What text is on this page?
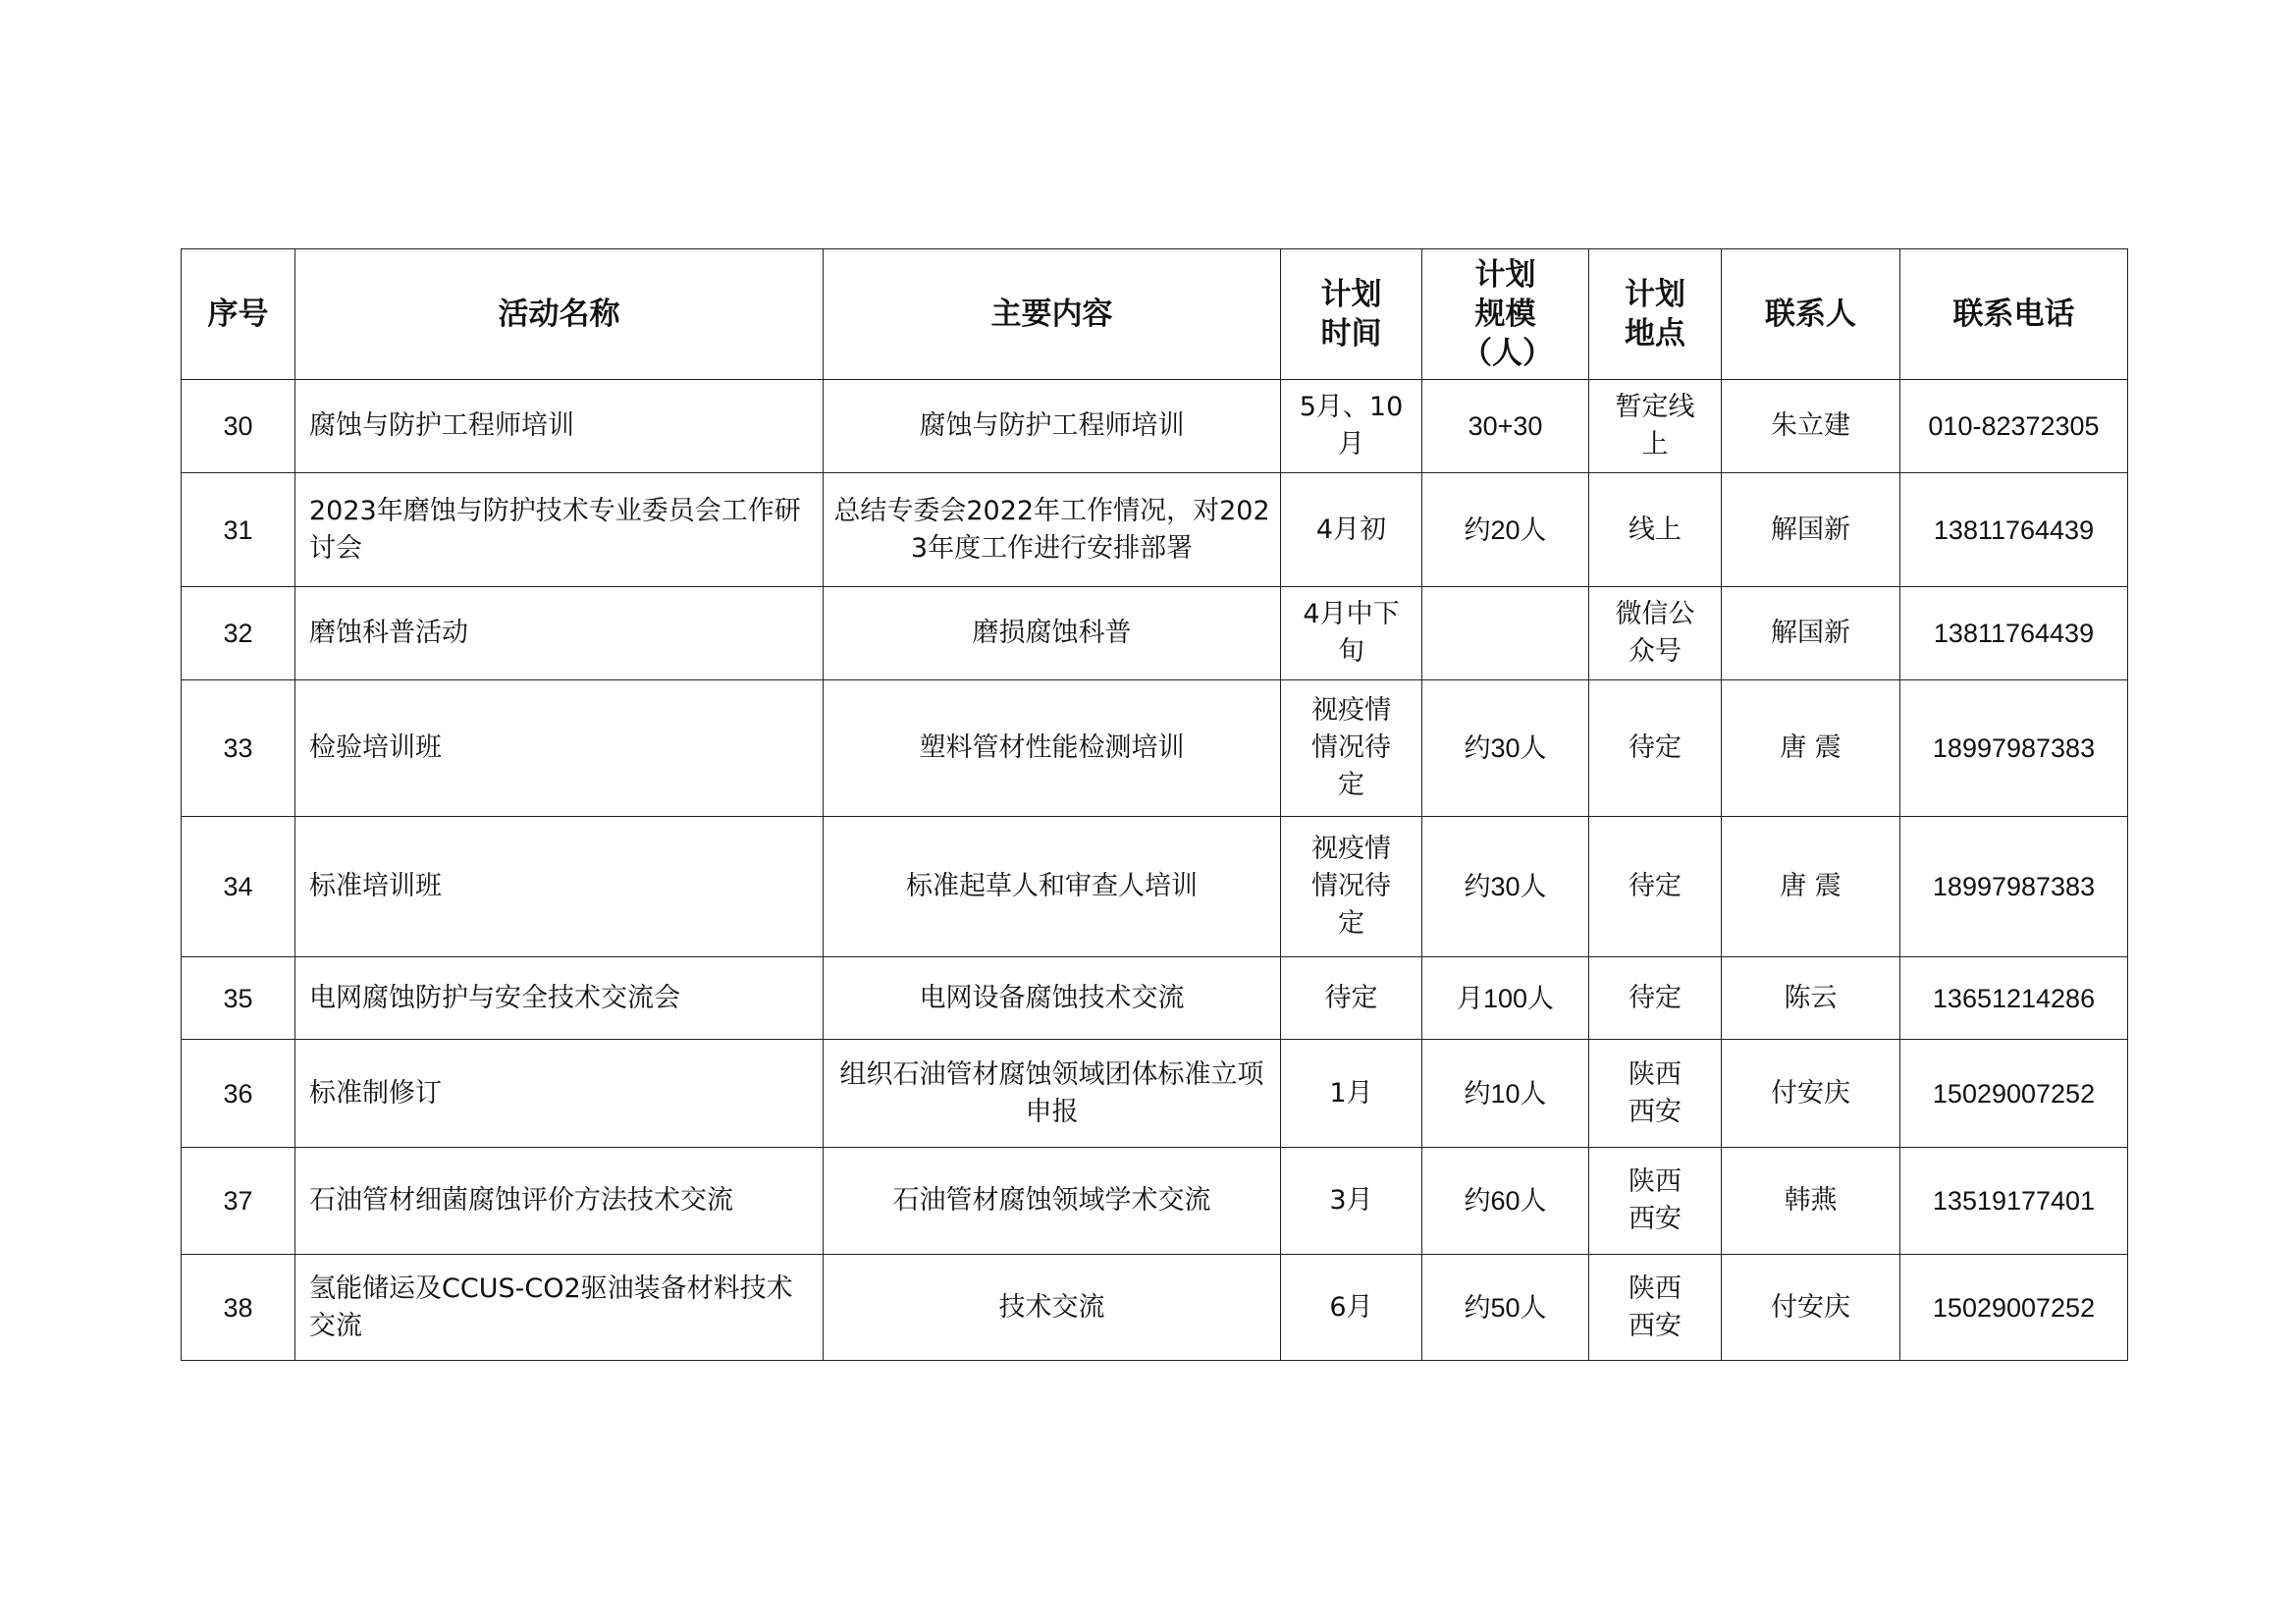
序号	活动名称	主要内容	计划时间	计划规模（人）	计划地点	联系人	联系电话
30	腐蚀与防护工程师培训	腐蚀与防护工程师培训	5月、10月	30+30	暂定线上	朱立建	010-82372305
31	2023年磨蚀与防护技术专业委员会工作研讨会	总结专委会2022年工作情况，对2023年度工作进行安排部署	4月初	约20人	线上	解国新	13811764439
32	磨蚀科普活动	磨损腐蚀科普	4月中下旬		微信公众号	解国新	13811764439
33	检验培训班	塑料管材性能检测培训	视疫情情况待定	约30人	待定	唐 震	18997987383
34	标准培训班	标准起草人和审查人培训	视疫情情况待定	约30人	待定	唐 震	18997987383
35	电网腐蚀防护与安全技术交流会	电网设备腐蚀技术交流	待定	月100人	待定	陈云	13651214286
36	标准制修订	组织石油管材腐蚀领域团体标准立项申报	1月	约10人	陕西西安	付安庆	15029007252
37	石油管材细菌腐蚀评价方法技术交流	石油管材腐蚀领域学术交流	3月	约60人	陕西西安	韩燕	13519177401
38	氢能储运及CCUS-CO2驱油装备材料技术交流	技术交流	6月	约50人	陕西西安	付安庆	15029007252
